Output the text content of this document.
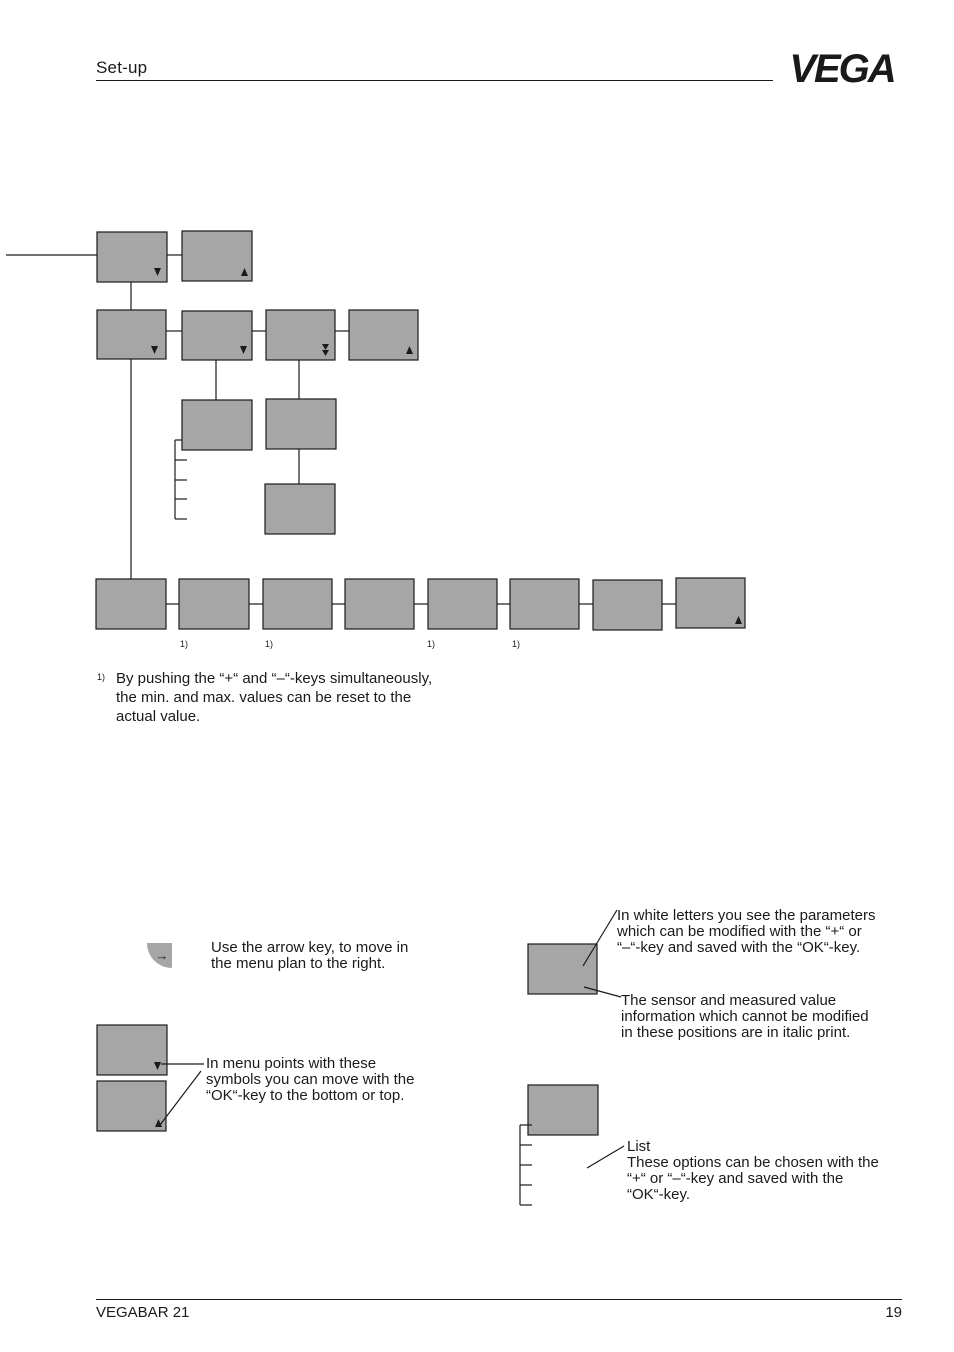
Set-up	VEGA
1)	1)	1)	1)
1) By pushing the “+“ and “–“-keys simultaneously,
the min. and max. values can be reset to the
actual value.
→	Use the arrow key, to move in
the menu plan to the right.
In menu points with these
symbols you can move with the
“OK“-key to the bottom or top.
In white letters you see the parameters
which can be modified with the “+“ or
“–“-key and saved with the “OK“-key.
The sensor and measured value
information which cannot be modified
in these positions are in italic print.
List
These options can be chosen with the
“+“ or “–“-key and saved with the
“OK“-key.
VEGABAR 21	19
